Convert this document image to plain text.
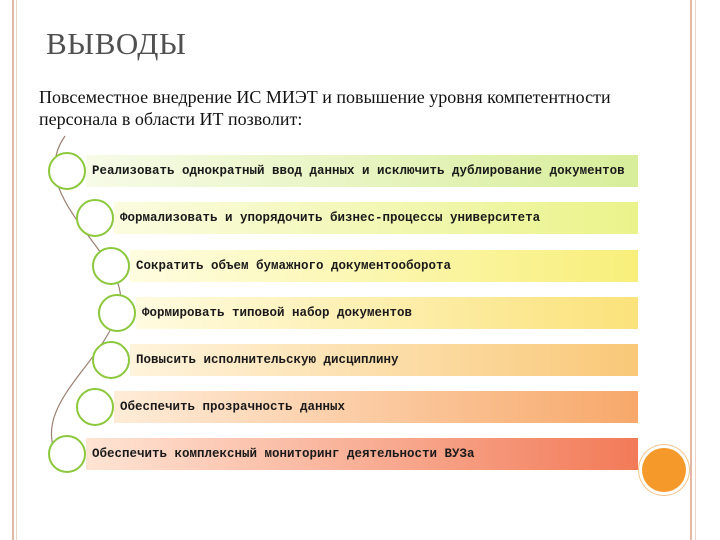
ВЫВОДЫ
Повсеместное внедрение ИС МИЭТ и повышение уровня компетентности персонала в области ИТ позволит:
Реализовать однократный ввод данных и исключить дублирование документов
Формализовать и упорядочить бизнес-процессы университета
Сократить объем бумажного документооборота
Формировать типовой набор документов
Повысить исполнительскую дисциплину
Обеспечить прозрачность данных
Обеспечить комплексный мониторинг деятельности ВУЗа
